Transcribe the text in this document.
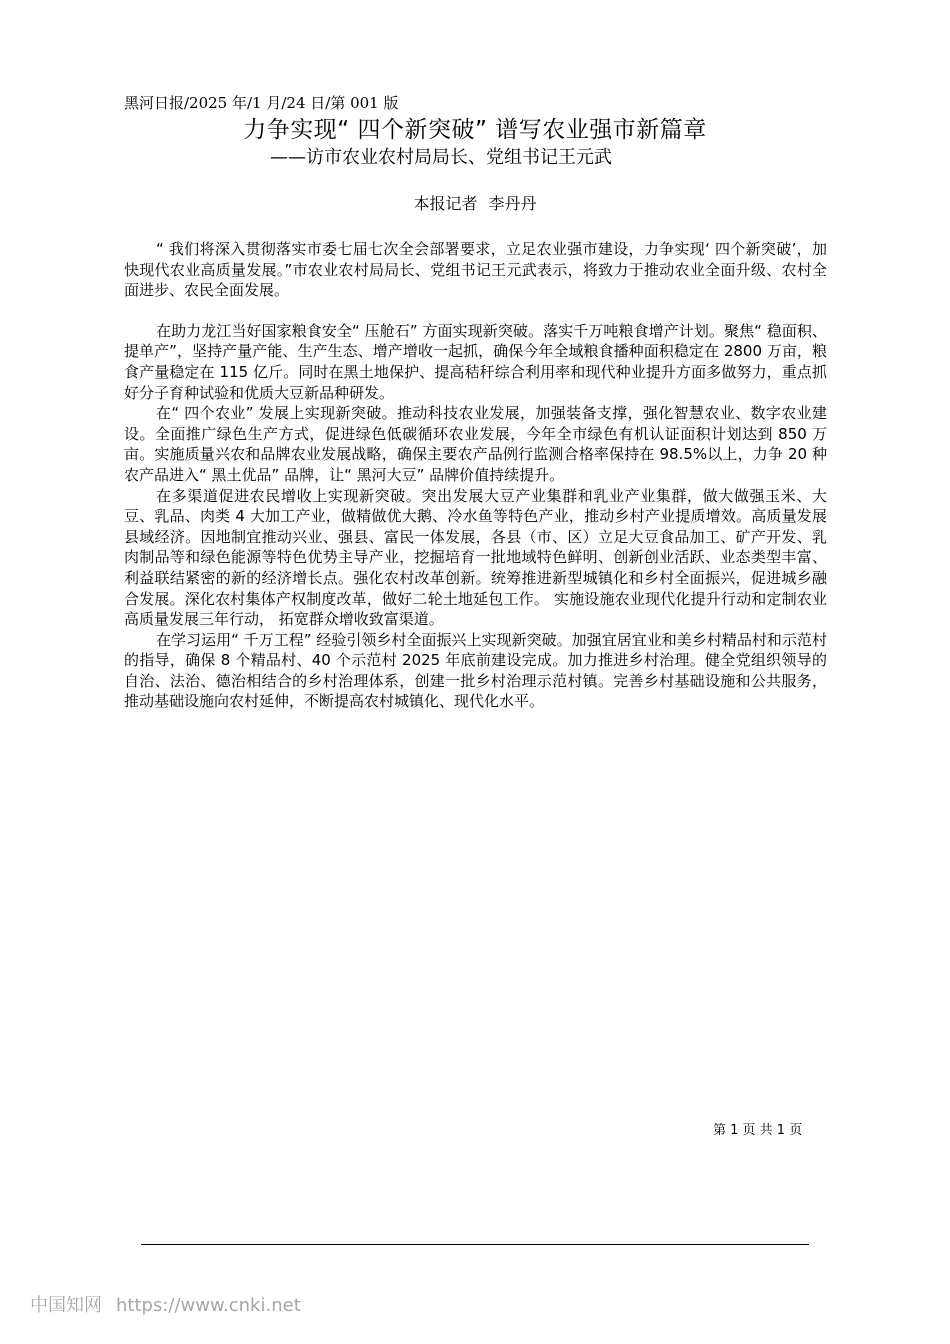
黑河日报/2025 年/1 月/24 日/第 001 版
力争实现“ 四个新突破” 谱写农业强市新篇章
——访市农业农村局局长、党组书记王元武
本报记者 李丹丹

“ 我们将深入贯彻落实市委七届七次全会部署要求，立足农业强市建设，力争实现‘ 四个新突破’，加快现代农业高质量发展。”市农业农村局局长、党组书记王元武表示，将致力于推动农业全面升级、农村全面进步、农民全面发展。

在助力龙江当好国家粮食安全“ 压舱石” 方面实现新突破。落实千万吨粮食增产计划。聚焦“ 稳面积、提单产”，坚持产量产能、生产生态、增产增收一起抓，确保今年全域粮食播种面积稳定在 2800 万亩，粮食产量稳定在 115 亿斤。同时在黑土地保护、提高秸秆综合利用率和现代种业提升方面多做努力，重点抓好分子育种试验和优质大豆新品种研发。

在“ 四个农业” 发展上实现新突破。推动科技农业发展，加强装备支撑，强化智慧农业、数字农业建设。全面推广绿色生产方式，促进绿色低碳循环农业发展，今年全市绿色有机认证面积计划达到 850 万亩。实施质量兴农和品牌农业发展战略，确保主要农产品例行监测合格率保持在 98.5%以上，力争 20 种农产品进入“ 黑土优品” 品牌，让“ 黑河大豆” 品牌价值持续提升。

在多渠道促进农民增收上实现新突破。突出发展大豆产业集群和乳业产业集群，做大做强玉米、大豆、乳品、肉类 4 大加工产业，做精做优大鹅、冷水鱼等特色产业，推动乡村产业提质增效。高质量发展县域经济。因地制宜推动兴业、强县、富民一体发展，各县（市、区）立足大豆食品加工、矿产开发、乳肉制品等和绿色能源等特色优势主导产业，挖掘培育一批地域特色鲜明、创新创业活跃、业态类型丰富、利益联结紧密的新的经济增长点。强化农村改革创新。统筹推进新型城镇化和乡村全面振兴，促进城乡融合发展。深化农村集体产权制度改革，做好二轮土地延包工作。 实施设施农业现代化提升行动和定制农业高质量发展三年行动， 拓宽群众增收致富渠道。

在学习运用“ 千万工程” 经验引领乡村全面振兴上实现新突破。加强宜居宜业和美乡村精品村和示范村的指导，确保 8 个精品村、40 个示范村 2025 年底前建设完成。加力推进乡村治理。健全党组织领导的自治、法治、德治相结合的乡村治理体系，创建一批乡村治理示范村镇。完善乡村基础设施和公共服务，推动基础设施向农村延伸，不断提高农村城镇化、现代化水平。

第 1 页 共 1 页
中国知网 https://www.cnki.net
